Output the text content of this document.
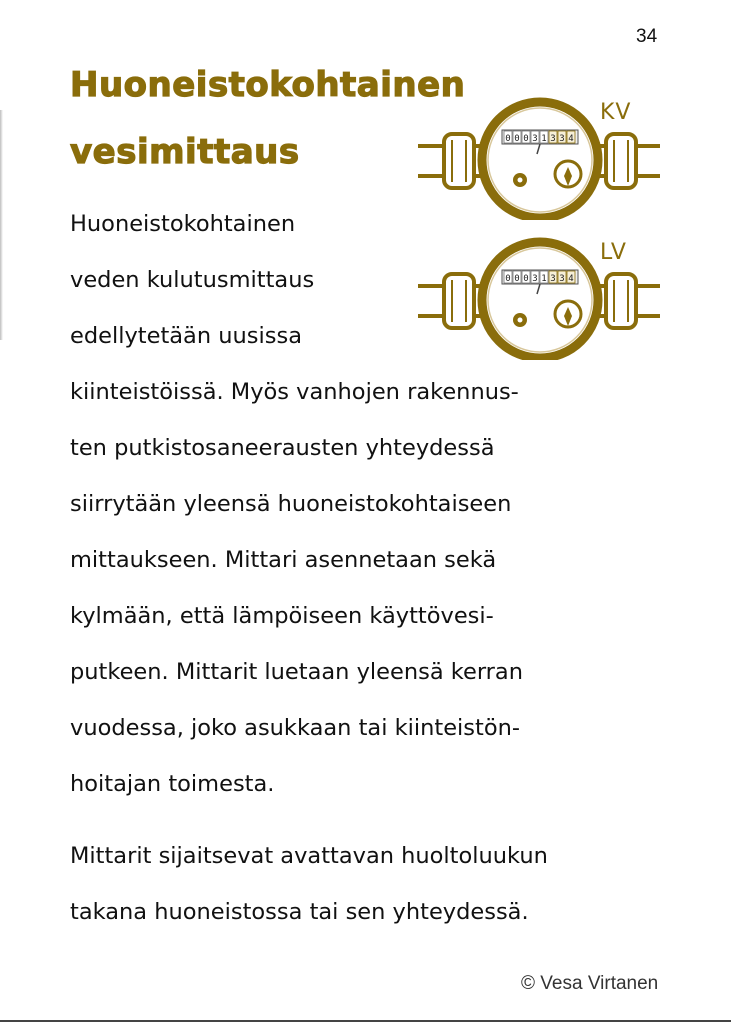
34
Huoneistokohtainen
vesimittaus
KV
0 0 0 3 1 3 3 4
LV
0 0 0 3 1 3 3 4
Huoneistokohtainen
veden kulutusmittaus
edellytetään uusissa
kiinteistöissä. Myös vanhojen rakennus-
ten putkistosaneerausten yhteydessä
siirrytään yleensä huoneistokohtaiseen
mittaukseen. Mittari asennetaan sekä
kylmään, että lämpöiseen käyttövesi-
putkeen. Mittarit luetaan yleensä kerran
vuodessa, joko asukkaan tai kiinteistön-
hoitajan toimesta.
Mittarit sijaitsevat avattavan huoltoluukun
takana huoneistossa tai sen yhteydessä.
© Vesa Virtanen
